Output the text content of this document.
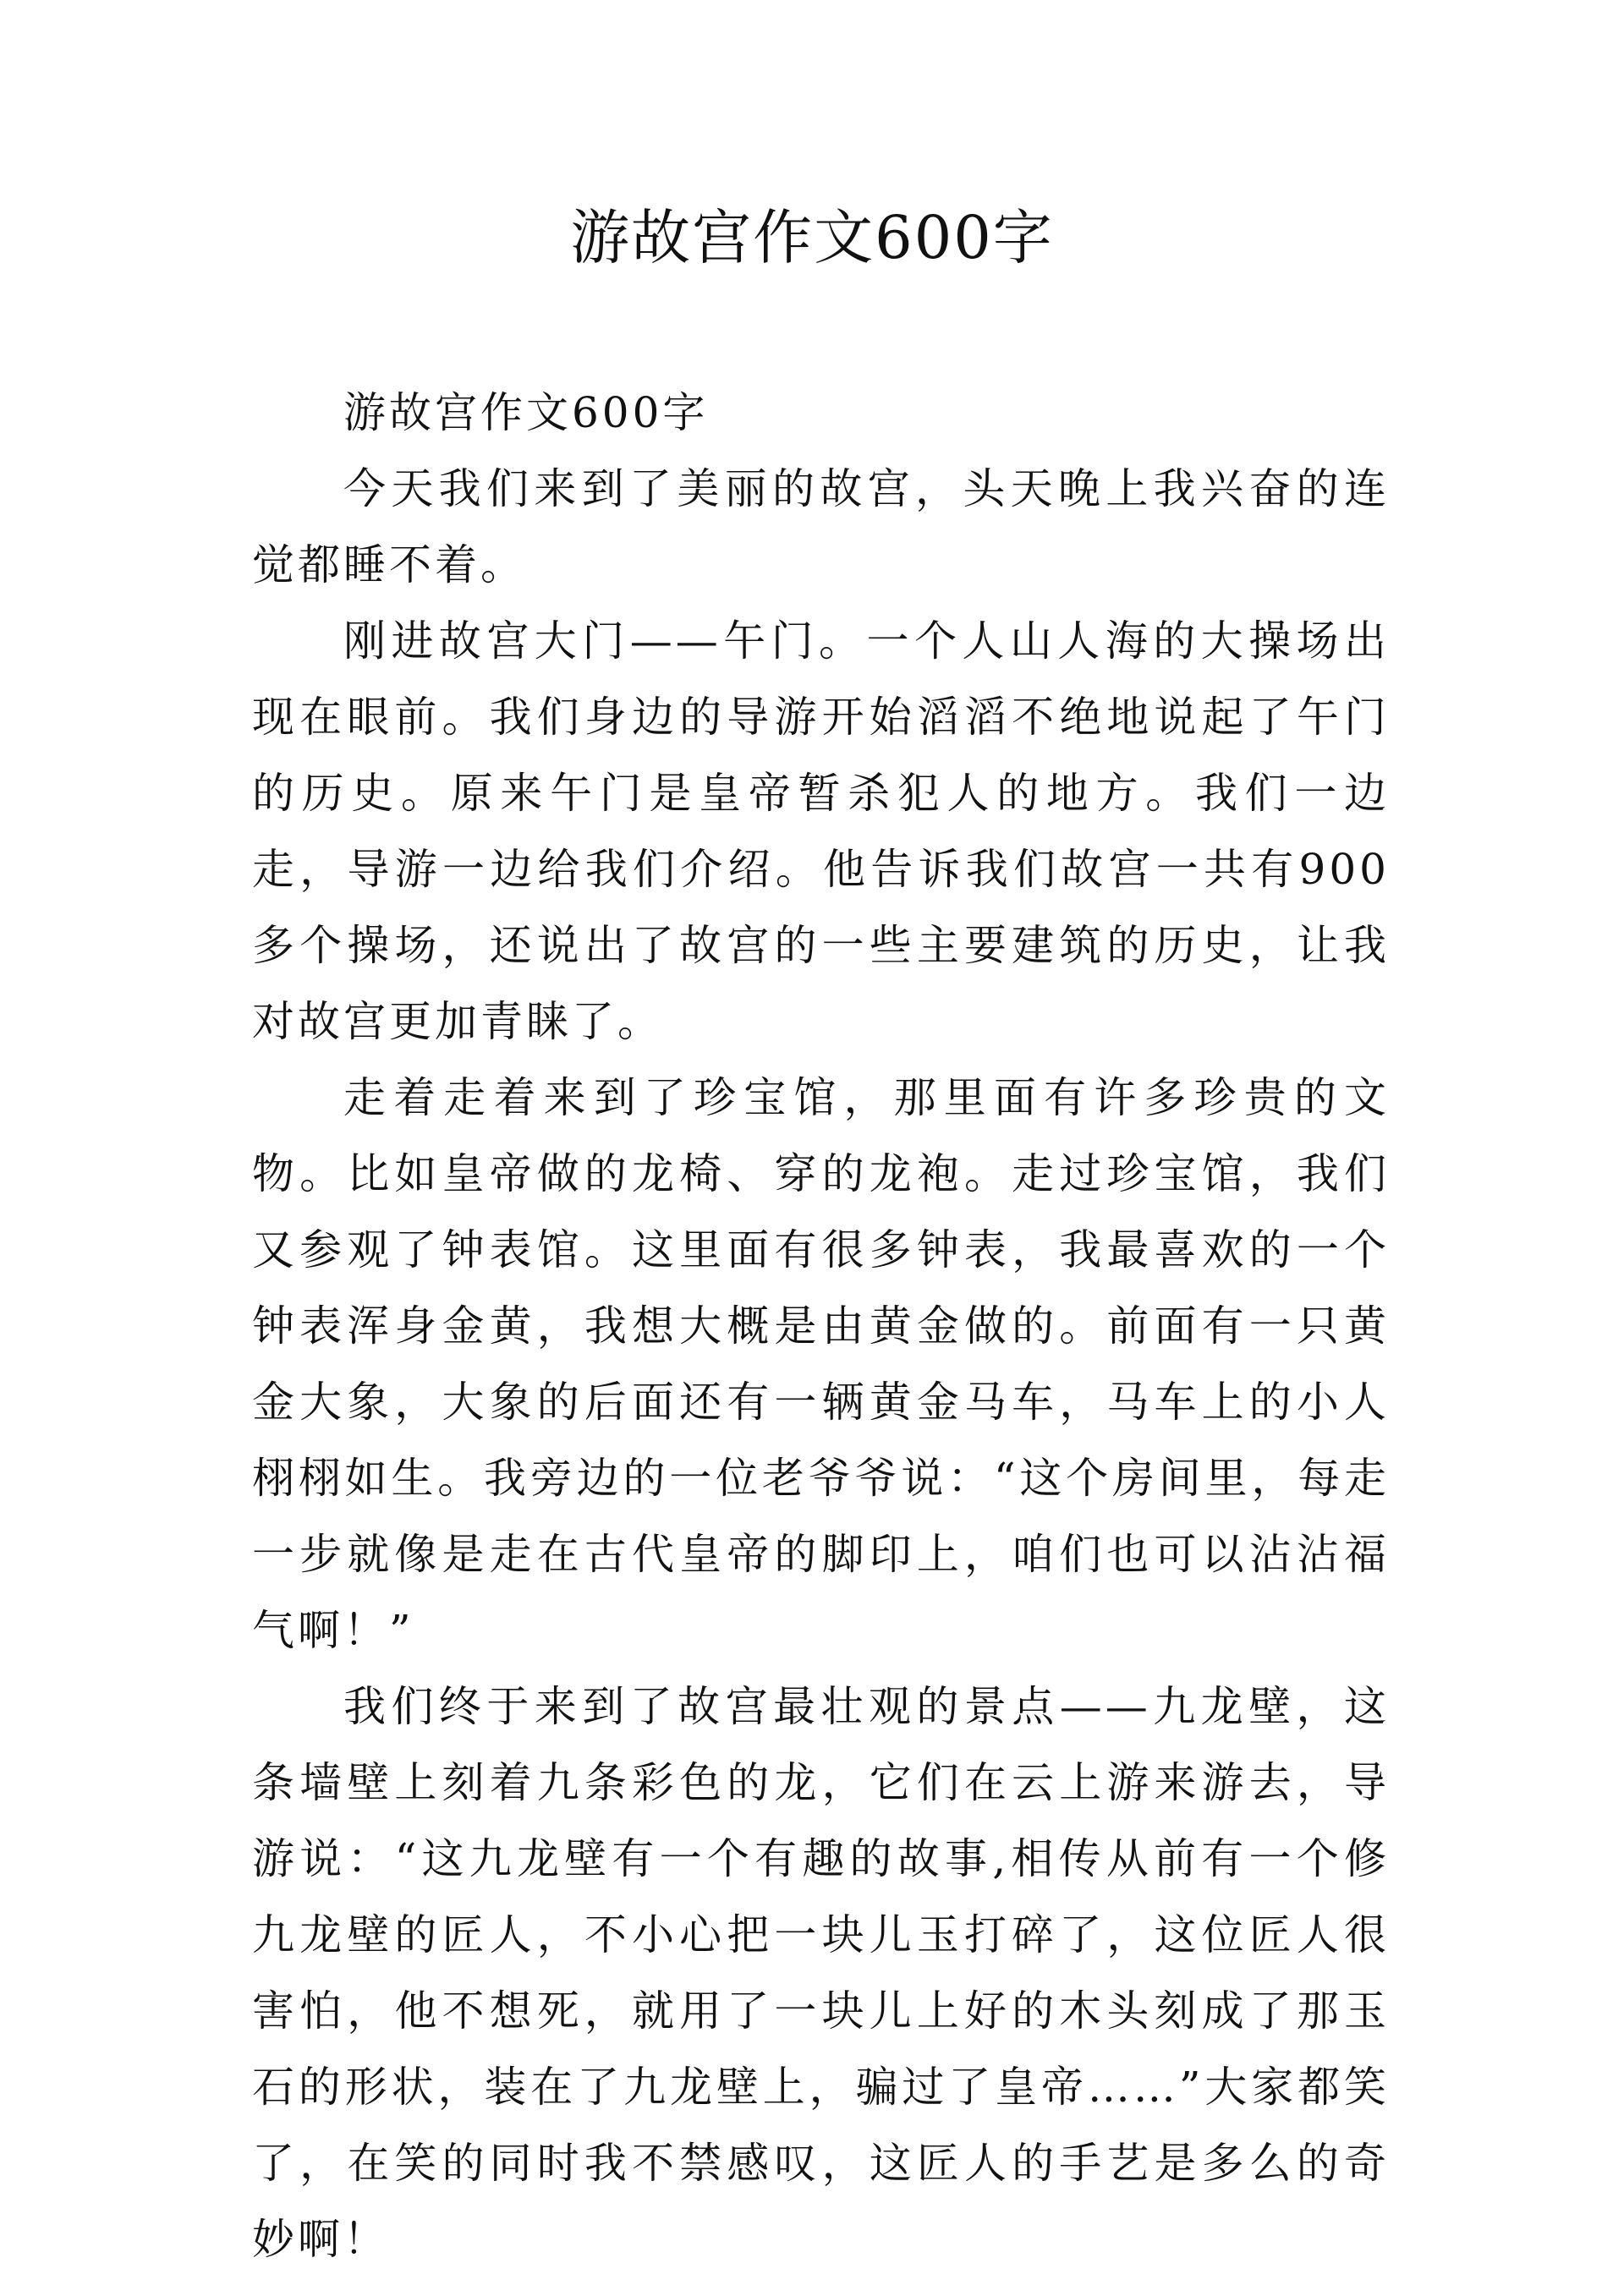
游故宫作文600字

游故宫作文600字

今天我们来到了美丽的故宫，头天晚上我兴奋的连觉都睡不着。

刚进故宫大门——午门。一个人山人海的大操场出现在眼前。我们身边的导游开始滔滔不绝地说起了午门的历史。原来午门是皇帝暂杀犯人的地方。我们一边走，导游一边给我们介绍。他告诉我们故宫一共有900多个操场，还说出了故宫的一些主要建筑的历史，让我对故宫更加青睐了。

走着走着来到了珍宝馆，那里面有许多珍贵的文物。比如皇帝做的龙椅、穿的龙袍。走过珍宝馆，我们又参观了钟表馆。这里面有很多钟表，我最喜欢的一个钟表浑身金黄，我想大概是由黄金做的。前面有一只黄金大象，大象的后面还有一辆黄金马车，马车上的小人栩栩如生。我旁边的一位老爷爷说：“这个房间里，每走一步就像是走在古代皇帝的脚印上，咱们也可以沾沾福气啊！”

我们终于来到了故宫最壮观的景点——九龙壁，这条墙壁上刻着九条彩色的龙，它们在云上游来游去，导游说：“这九龙壁有一个有趣的故事,相传从前有一个修九龙壁的匠人，不小心把一块儿玉打碎了，这位匠人很害怕，他不想死，就用了一块儿上好的木头刻成了那玉石的形状，装在了九龙壁上，骗过了皇帝……”大家都笑了，在笑的同时我不禁感叹，这匠人的手艺是多么的奇妙啊！
